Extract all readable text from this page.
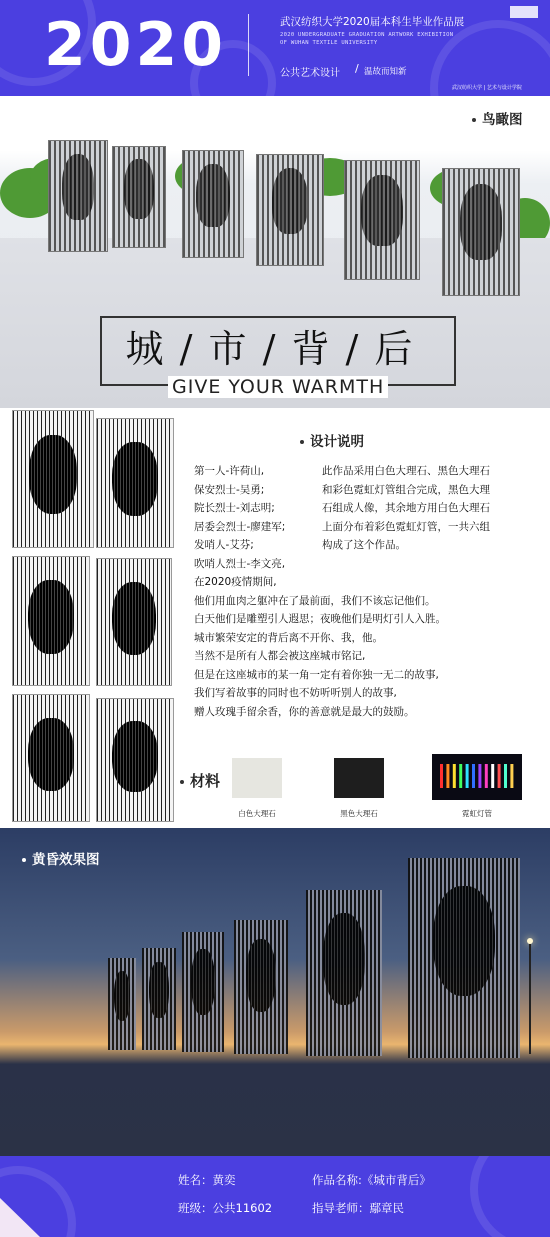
2020	武汉纺织大学2020届本科生毕业作品展
2020 UNDERGRADUATE GRADUATION ARTWORK EXHIBITION
OF WUHAN TEXTILE UNIVERSITY
公共艺术设计 / 温故而知新
武汉纺织大学 | 艺术与设计学院
鸟瞰图
城 / 市 / 背 / 后
GIVE YOUR WARMTH
设计说明
第一人-许荷山,
保安烈士-吴勇;
院长烈士-刘志明;
居委会烈士-廖建军;
发哨人-艾芬;
吹哨人烈士-李文亮,
此作品采用白色大理石、黑色大理石
和彩色霓虹灯管组合完成，黑色大理
石组成人像，其余地方用白色大理石
上面分布着彩色霓虹灯管，一共六组
构成了这个作品。
在2020疫情期间,
他们用血肉之躯冲在了最前面，我们不该忘记他们。
白天他们是雕塑引人遐思；夜晚他们是明灯引人入胜。
城市繁荣安定的背后离不开你、我，他。
当然不是所有人都会被这座城市铭记,
但是在这座城市的某一角一定有着你独一无二的故事,
我们写着故事的同时也不妨听听别人的故事,
赠人玫瑰手留余香，你的善意就是最大的鼓励。
材料
白色大理石	黑色大理石	霓虹灯管
黄昏效果图
姓名：黄奕
班级：公共11602
作品名称:《城市背后》
指导老师：鄢章民
